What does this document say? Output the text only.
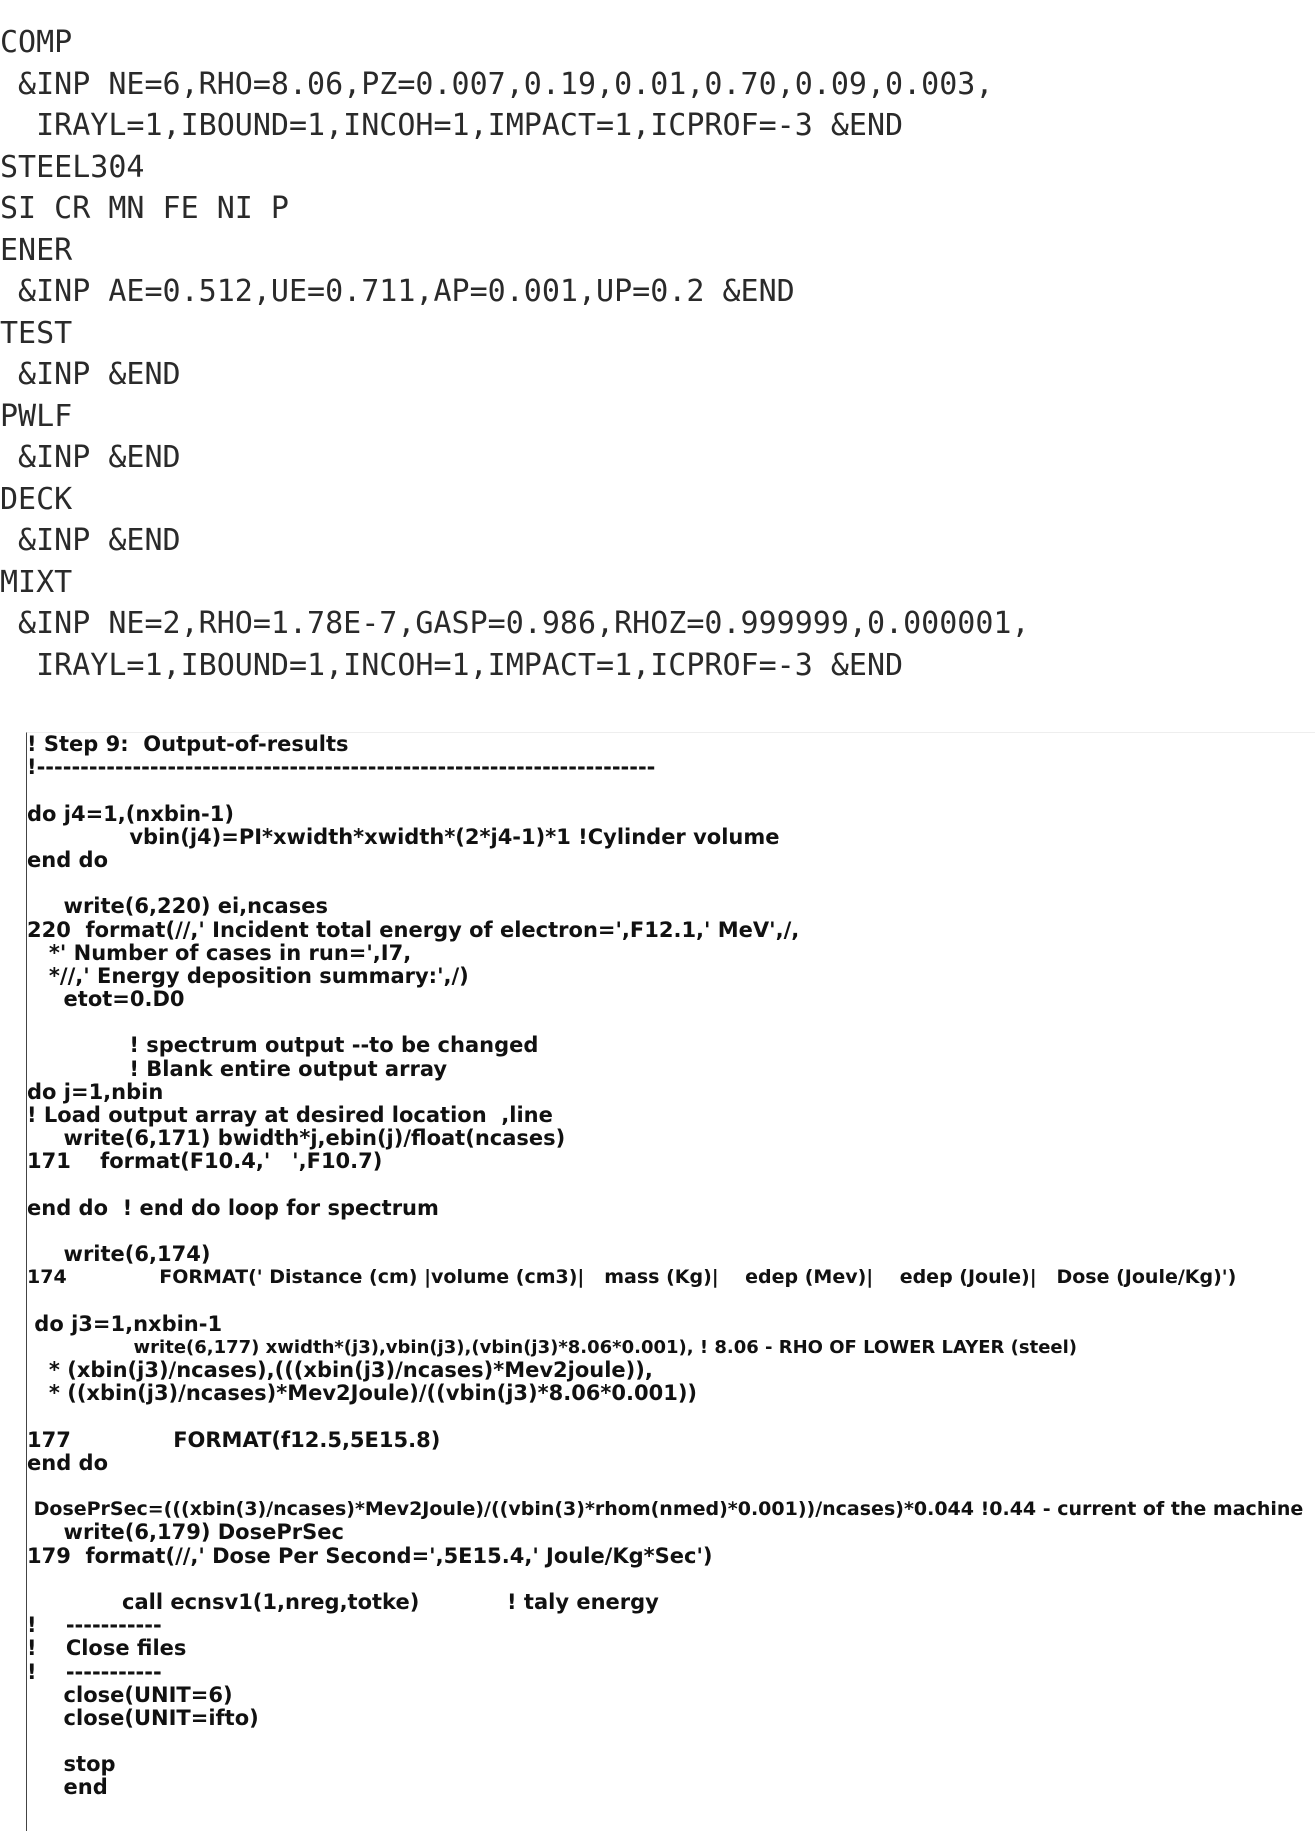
COMP
&INP NE=6,RHO=8.06,PZ=0.007,0.19,0.01,0.70,0.09,0.003,
IRAYL=1,IBOUND=1,INCOH=1,IMPACT=1,ICPROF=-3 &END
STEEL304
SI CR MN FE NI P
ENER
&INP AE=0.512,UE=0.711,AP=0.001,UP=0.2 &END
TEST
&INP &END
PWLF
&INP &END
DECK
&INP &END
MIXT
&INP NE=2,RHO=1.78E-7,GASP=0.986,RHOZ=0.999999,0.000001,
IRAYL=1,IBOUND=1,INCOH=1,IMPACT=1,ICPROF=-3 &END
! Step 9:  Output-of-results
!-----------------------------------------------------------------------
do j4=1,(nxbin-1)
vbin(j4)=PI*xwidth*xwidth*(2*j4-1)*1 !Cylinder volume
end do
write(6,220) ei,ncases
220  format(//,' Incident total energy of electron=',F12.1,' MeV',/,
*' Number of cases in run=',I7,
*//,' Energy deposition summary:',/)
etot=0.D0
! spectrum output --to be changed
! Blank entire output array
do j=1,nbin
! Load output array at desired location  ,line
write(6,171) bwidth*j,ebin(j)/float(ncases)
171    format(F10.4,'   ',F10.7)
end do  ! end do loop for spectrum
write(6,174)
174              FORMAT(' Distance (cm) |volume (cm3)|   mass (Kg)|    edep (Mev)|    edep (Joule)|   Dose (Joule/Kg)')
do j3=1,nxbin-1
write(6,177) xwidth*(j3),vbin(j3),(vbin(j3)*8.06*0.001), ! 8.06 - RHO OF LOWER LAYER (steel)
* (xbin(j3)/ncases),(((xbin(j3)/ncases)*Mev2joule)),
* ((xbin(j3)/ncases)*Mev2Joule)/((vbin(j3)*8.06*0.001))
177              FORMAT(f12.5,5E15.8)
end do
DosePrSec=(((xbin(3)/ncases)*Mev2Joule)/((vbin(3)*rhom(nmed)*0.001))/ncases)*0.044 !0.44 - current of the machine
write(6,179) DosePrSec
179  format(//,' Dose Per Second=',5E15.4,' Joule/Kg*Sec')
call ecnsv1(1,nreg,totke)            ! taly energy
!    -----------
!    Close files
!    -----------
close(UNIT=6)
close(UNIT=ifto)
stop
end
